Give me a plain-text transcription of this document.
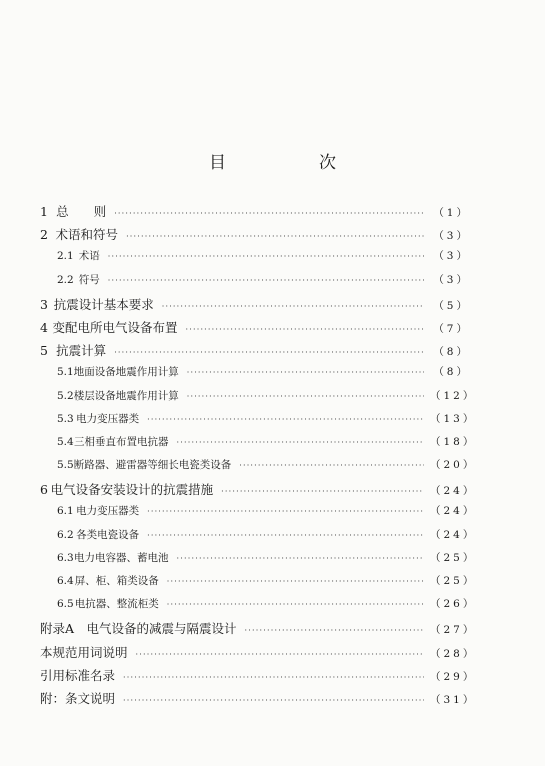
目　次
1 总　　则 ·····	（1）
2 术语和符号 ·····	（3）
2.1 术语 ·····	（3）
2.2 符号 ·····	（3）
3 抗震设计基本要求 ·····	（5）
4 变配电所电气设备布置 ·····	（7）
5 抗震计算 ·····	（8）
5.1 地面设备地震作用计算 ·····	（8）
5.2 楼层设备地震作用计算 ·····	（12）
5.3 电力变压器类 ·····	（13）
5.4 三相垂直布置电抗器 ·····	（18）
5.5 断路器、避雷器等细长电瓷类设备 ·····	（20）
6 电气设备安装设计的抗震措施 ·····	（24）
6.1 电力变压器类 ·····	（24）
6.2 各类电瓷设备 ·····	（24）
6.3 电力电容器、蓄电池 ·····	（25）
6.4 屏、柜、箱类设备 ·····	（25）
6.5 电抗器、整流柜类 ·····	（26）
附录A　电气设备的减震与隔震设计 ·····	（27）
本规范用词说明 ·····	（28）
引用标准名录 ·····	（29）
附：条文说明 ·····	（31）
